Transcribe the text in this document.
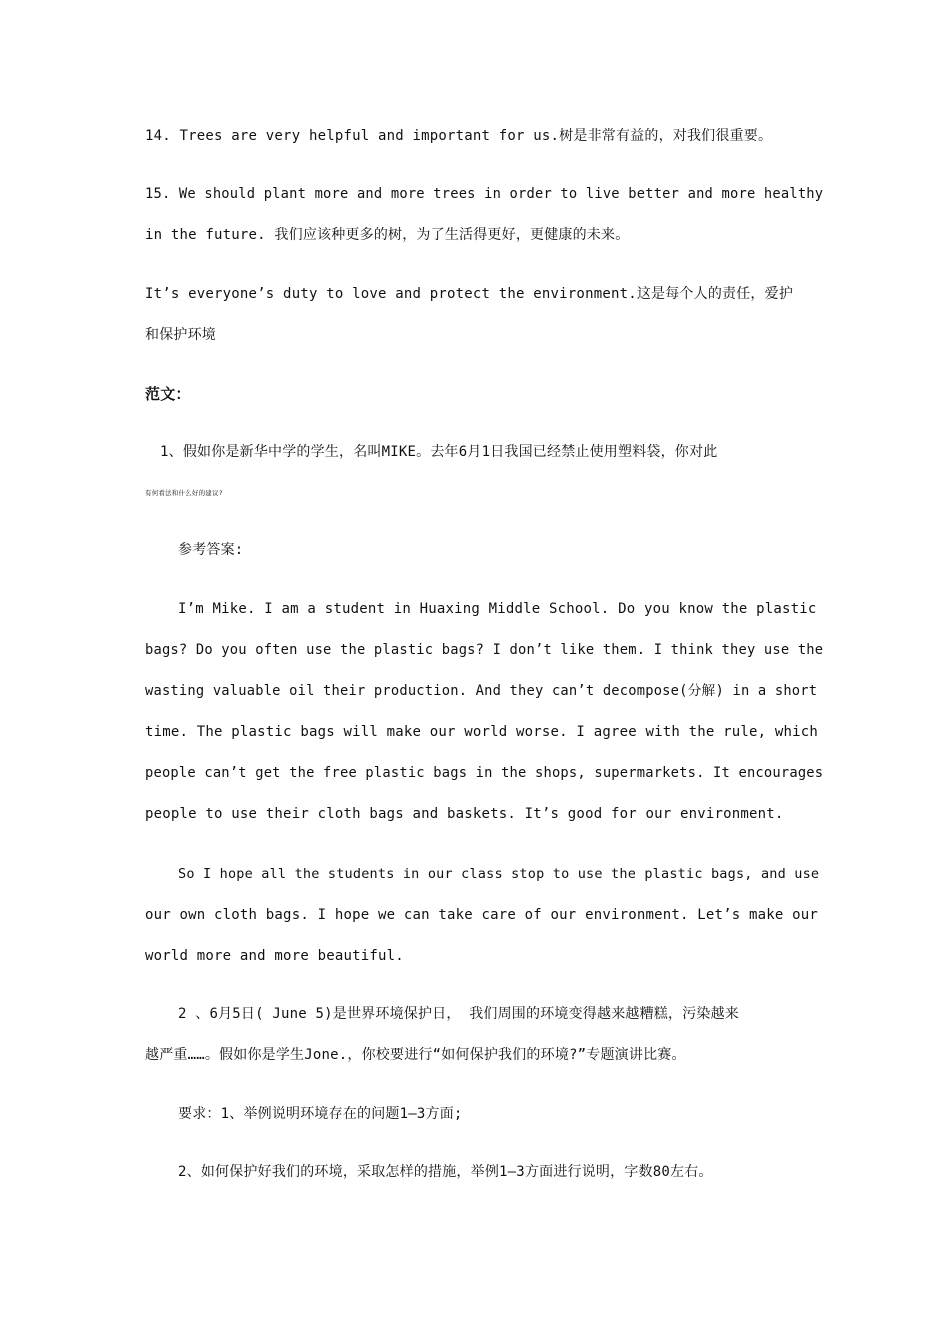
14. Trees are very helpful and important for us.树是非常有益的，对我们很重要。

15. We should plant more and more trees in order to live better and more healthy
in the future. 我们应该种更多的树，为了生活得更好，更健康的未来。

It’s everyone’s duty to love and protect the environment.这是每个人的责任，爱护
和保护环境

范文：

1、假如你是新华中学的学生，名叫MIKE。去年6月1日我国已经禁止使用塑料袋，你对此
有何看法和什么好的建议?

参考答案:

I’m Mike. I am a student in Huaxing Middle School. Do you know the plastic
bags? Do you often use the plastic bags? I don’t like them. I think they use the
wasting valuable oil their production. And they can’t decompose(分解) in a short
time. The plastic bags will make our world worse. I agree with the rule, which
people can’t get the free plastic bags in the shops, supermarkets. It encourages
people to use their cloth bags and baskets. It’s good for our environment.

So I hope all the students in our class stop to use the plastic bags, and use
our own cloth bags. I hope we can take care of our environment. Let’s make our
world more and more beautiful.

2 、6月5日( June 5)是世界环境保护日， 我们周围的环境变得越来越糟糕，污染越来
越严重……。假如你是学生Jone.，你校要进行“如何保护我们的环境?”专题演讲比赛。

要求：1、举例说明环境存在的问题1—3方面;

2、如何保护好我们的环境，采取怎样的措施，举例1—3方面进行说明，字数80左右。
